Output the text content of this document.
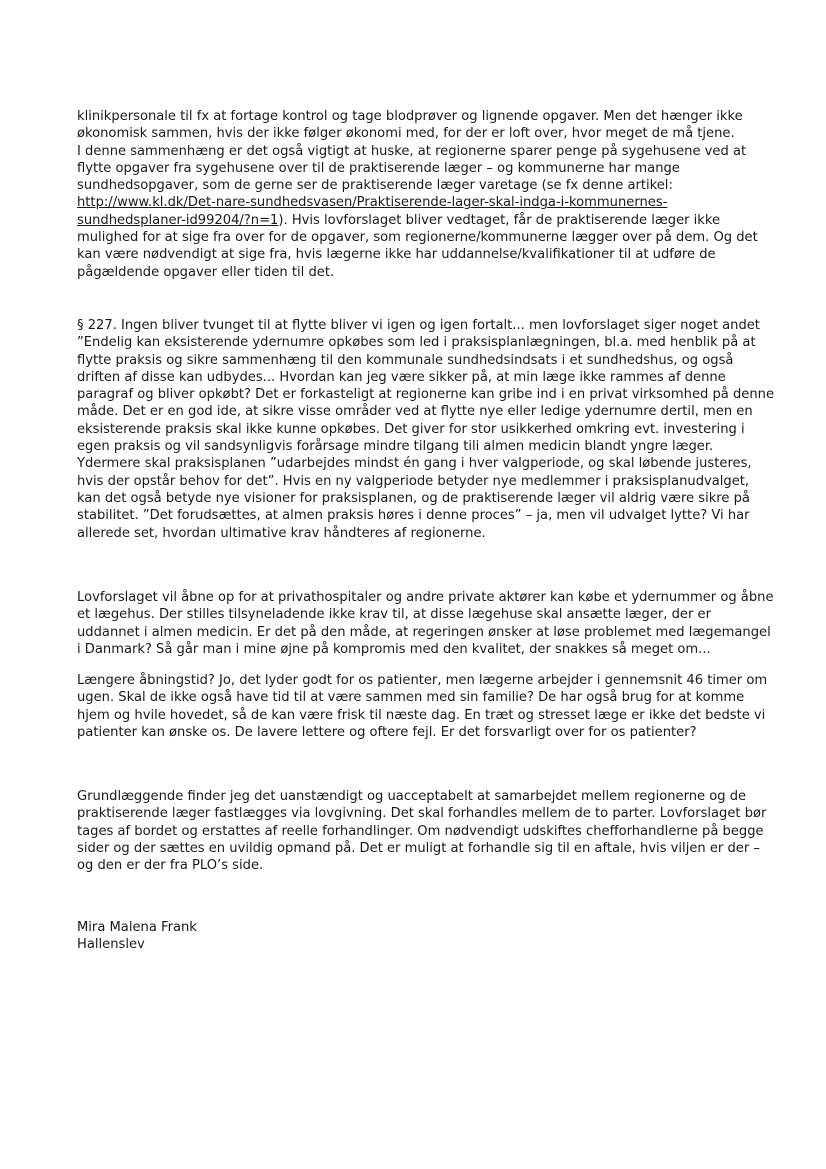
klinikpersonale til fx at fortage kontrol og tage blodprøver og lignende opgaver. Men det hænger ikke
økonomisk sammen, hvis der ikke følger økonomi med, for der er loft over, hvor meget de må tjene.
I denne sammenhæng er det også vigtigt at huske, at regionerne sparer penge på sygehusene ved at
flytte opgaver fra sygehusene over til de praktiserende læger – og kommunerne har mange
sundhedsopgaver, som de gerne ser de praktiserende læger varetage (se fx denne artikel:
http://www.kl.dk/Det-nare-sundhedsvasen/Praktiserende-lager-skal-indga-i-kommunernes-
sundhedsplaner-id99204/?n=1). Hvis lovforslaget bliver vedtaget, får de praktiserende læger ikke
mulighed for at sige fra over for de opgaver, som regionerne/kommunerne lægger over på dem. Og det
kan være nødvendigt at sige fra, hvis lægerne ikke har uddannelse/kvalifikationer til at udføre de
pågældende opgaver eller tiden til det.
§ 227. Ingen bliver tvunget til at flytte bliver vi igen og igen fortalt... men lovforslaget siger noget andet
”Endelig kan eksisterende ydernumre opkøbes som led i praksisplanlægningen, bl.a. med henblik på at
flytte praksis og sikre sammenhæng til den kommunale sundhedsindsats i et sundhedshus, og også
driften af disse kan udbydes... Hvordan kan jeg være sikker på, at min læge ikke rammes af denne
paragraf og bliver opkøbt? Det er forkasteligt at regionerne kan gribe ind i en privat virksomhed på denne
måde. Det er en god ide, at sikre visse områder ved at flytte nye eller ledige ydernumre dertil, men en
eksisterende praksis skal ikke kunne opkøbes. Det giver for stor usikkerhed omkring evt. investering i
egen praksis og vil sandsynligvis forårsage mindre tilgang tili almen medicin blandt yngre læger.
Ydermere skal praksisplanen ”udarbejdes mindst én gang i hver valgperiode, og skal løbende justeres,
hvis der opstår behov for det”. Hvis en ny valgperiode betyder nye medlemmer i praksisplanudvalget,
kan det også betyde nye visioner for praksisplanen, og de praktiserende læger vil aldrig være sikre på
stabilitet. ”Det forudsættes, at almen praksis høres i denne proces” – ja, men vil udvalget lytte? Vi har
allerede set, hvordan ultimative krav håndteres af regionerne.
Lovforslaget vil åbne op for at privathospitaler og andre private aktører kan købe et ydernummer og åbne
et lægehus. Der stilles tilsyneladende ikke krav til, at disse lægehuse skal ansætte læger, der er
uddannet i almen medicin. Er det på den måde, at regeringen ønsker at løse problemet med lægemangel
i Danmark? Så går man i mine øjne på kompromis med den kvalitet, der snakkes så meget om...
Længere åbningstid? Jo, det lyder godt for os patienter, men lægerne arbejder i gennemsnit 46 timer om
ugen. Skal de ikke også have tid til at være sammen med sin familie? De har også brug for at komme
hjem og hvile hovedet, så de kan være frisk til næste dag. En træt og stresset læge er ikke det bedste vi
patienter kan ønske os. De lavere lettere og oftere fejl. Er det forsvarligt over for os patienter?
Grundlæggende finder jeg det uanstændigt og uacceptabelt at samarbejdet mellem regionerne og de
praktiserende læger fastlægges via lovgivning. Det skal forhandles mellem de to parter. Lovforslaget bør
tages af bordet og erstattes af reelle forhandlinger. Om nødvendigt udskiftes chefforhandlerne på begge
sider og der sættes en uvildig opmand på. Det er muligt at forhandle sig til en aftale, hvis viljen er der –
og den er der fra PLO’s side.
Mira Malena Frank
Hallenslev
